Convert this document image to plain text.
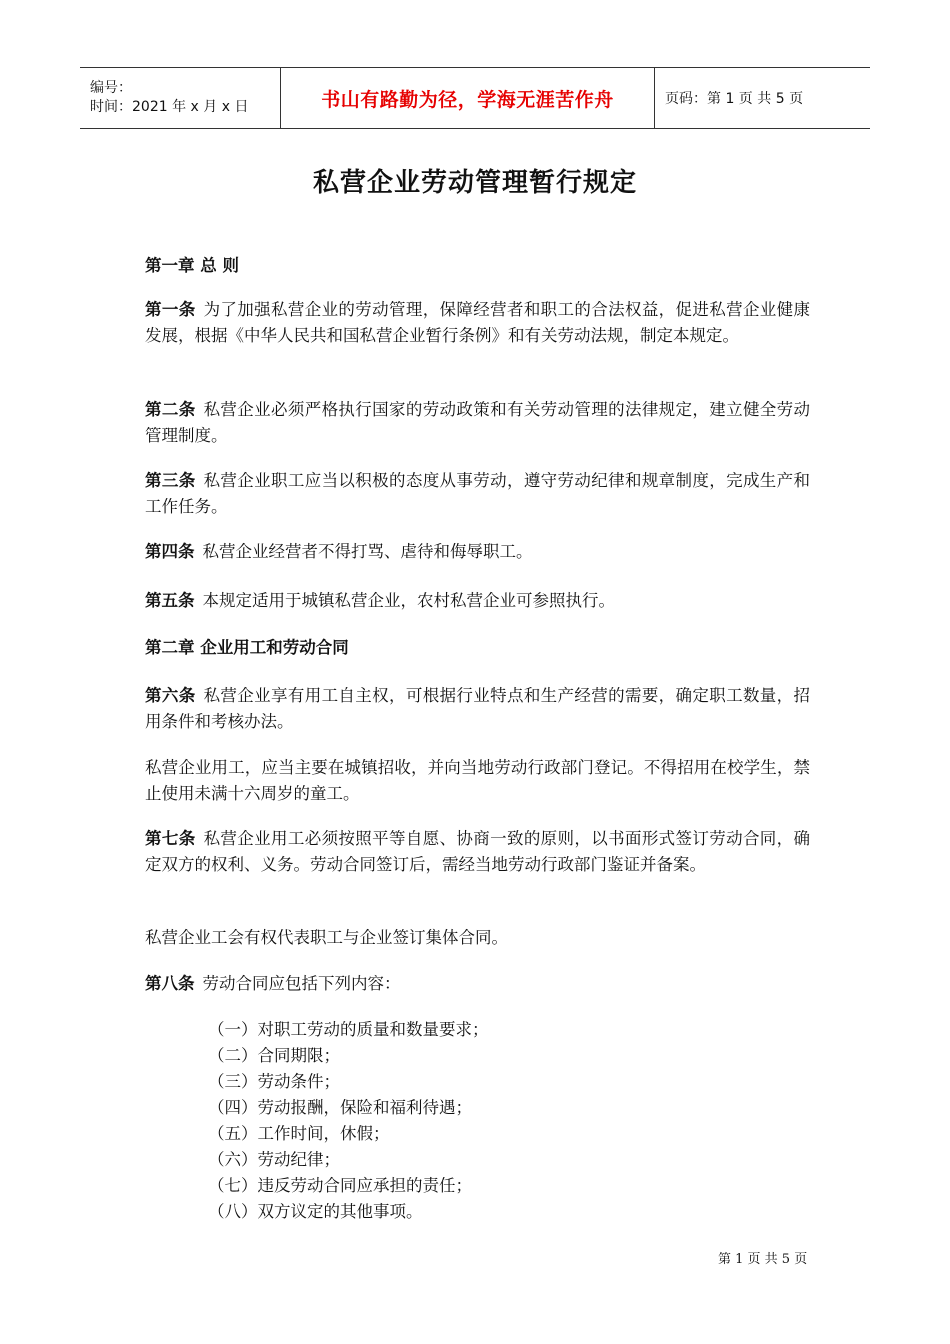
编号：
时间：2021 年 x 月 x 日	书山有路勤为径，学海无涯苦作舟	页码：第 1 页 共 5 页
私营企业劳动管理暂行规定
第一章 总 则
第一条 为了加强私营企业的劳动管理，保障经营者和职工的合法权益，促进私营企业健康发展，根据《中华人民共和国私营企业暂行条例》和有关劳动法规，制定本规定。
第二条 私营企业必须严格执行国家的劳动政策和有关劳动管理的法律规定，建立健全劳动管理制度。
第三条 私营企业职工应当以积极的态度从事劳动，遵守劳动纪律和规章制度，完成生产和工作任务。
第四条 私营企业经营者不得打骂、虐待和侮辱职工。
第五条 本规定适用于城镇私营企业，农村私营企业可参照执行。
第二章 企业用工和劳动合同
第六条 私营企业享有用工自主权，可根据行业特点和生产经营的需要，确定职工数量，招用条件和考核办法。
私营企业用工，应当主要在城镇招收，并向当地劳动行政部门登记。不得招用在校学生，禁止使用未满十六周岁的童工。
第七条 私营企业用工必须按照平等自愿、协商一致的原则，以书面形式签订劳动合同，确定双方的权利、义务。劳动合同签订后，需经当地劳动行政部门鉴证并备案。
私营企业工会有权代表职工与企业签订集体合同。
第八条 劳动合同应包括下列内容：
（一）对职工劳动的质量和数量要求；
（二）合同期限；
（三）劳动条件；
（四）劳动报酬，保险和福利待遇；
（五）工作时间，休假；
（六）劳动纪律；
（七）违反劳动合同应承担的责任；
（八）双方议定的其他事项。
第 1 页 共 5 页
